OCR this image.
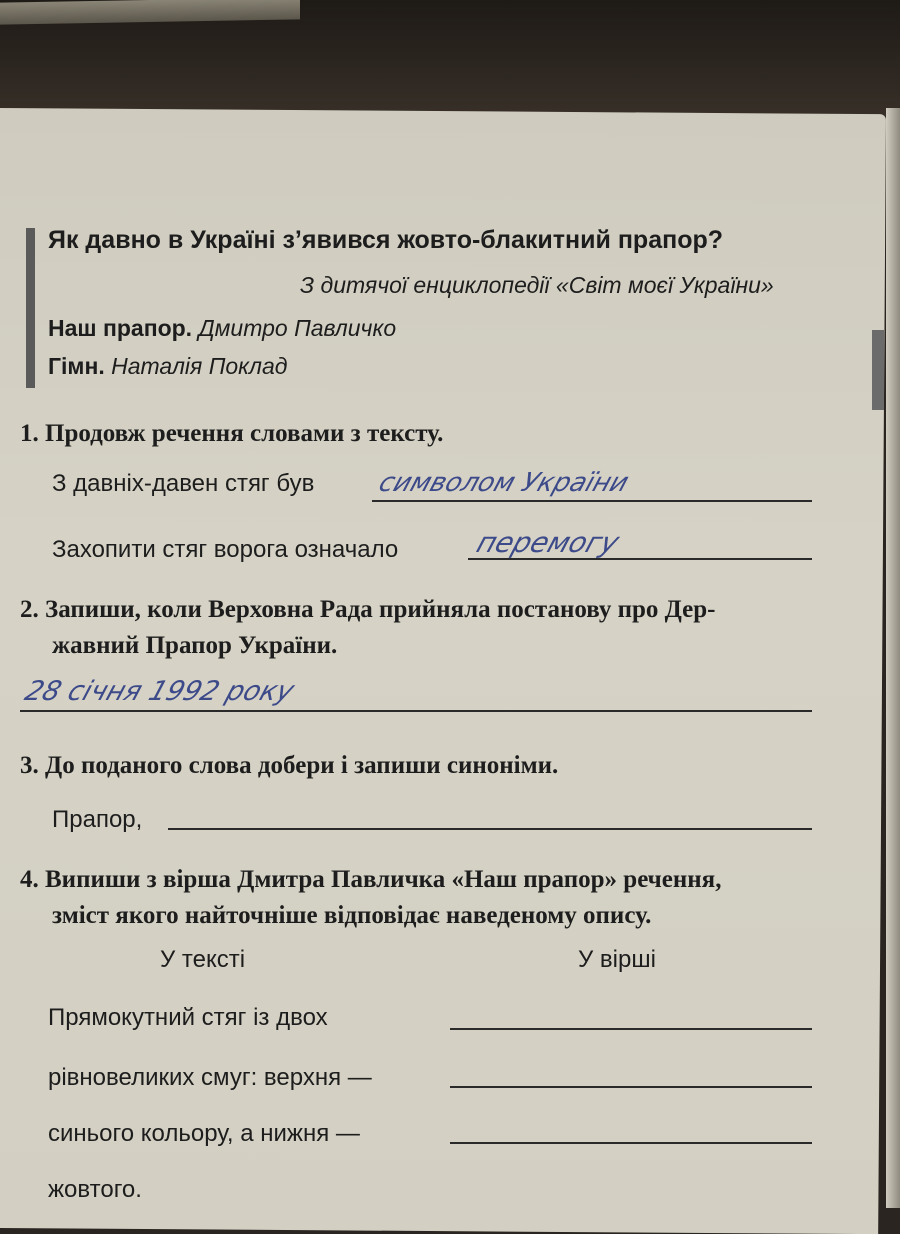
Як давно в Україні з’явився жовто-блакитний прапор?
З дитячої енциклопедії «Світ моєї України»
Наш прапор. Дмитро Павличко
Гімн. Наталія Поклад
1. Продовж речення словами з тексту.
З давніх-давен стяг був символом України
Захопити стяг ворога означало	перемогу
2. Запиши, коли Верховна Рада прийняла постанову про Дер-
жавний Прапор України.
28 січня 1992 року
3. До поданого слова добери і запиши синоніми.
Прапор,
4. Випиши з вірша Дмитра Павличка «Наш прапор» речення,
зміст якого найточніше відповідає наведеному опису.
У тексті	У вірші
Прямокутний стяг із двох
рівновеликих смуг: верхня —
синього кольору, а нижня —
жовтого.
